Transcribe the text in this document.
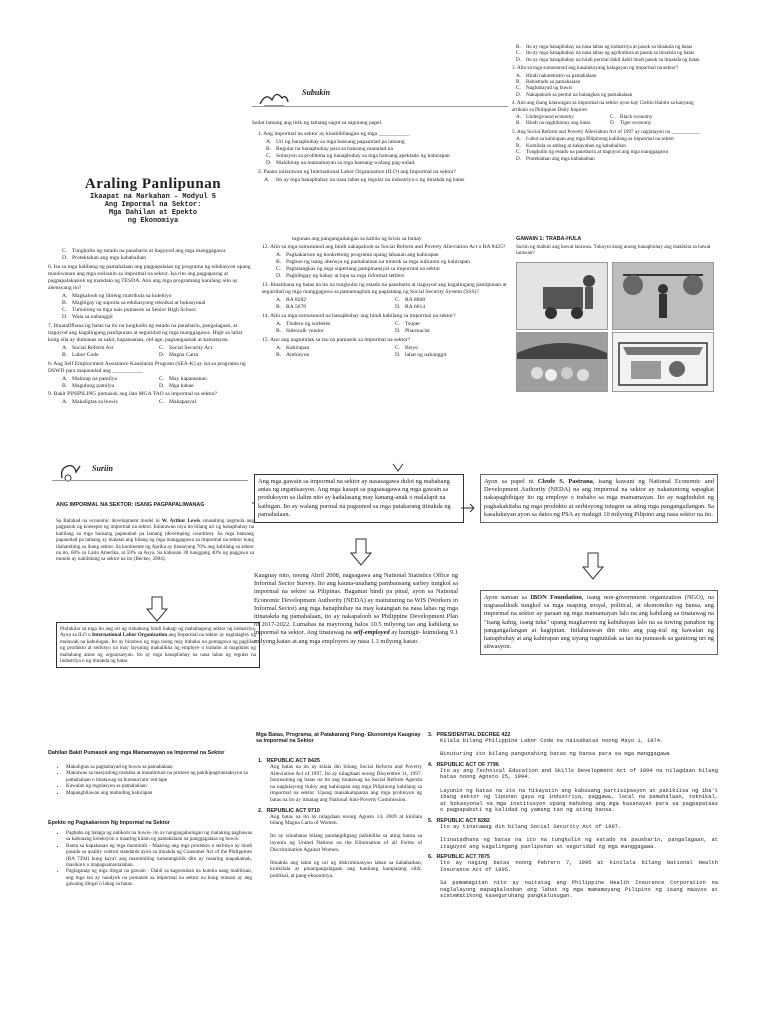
B. Ito ay mga hanapbuhay na nasa labas ng industriya at pasok sa itinakda ng batas
C. Ito ay mga hanapbuhay na nasa labas ng agrikultura at pasok sa itinakda ng batas
D. Ito ay mga hanapbuhay na hindi pormal dahil dahil hindi pasok sa itinakda ng batas
3. Alin sa mga sumusunod ang kasalukuyang kalagayan ng impormal na sektor?
A. Hindi nakarehistro sa pamahalaan
B. Rehistrado sa pamahalaan
C. Nagbabayad ng buwis
D. Nakapaloob sa permit na balangkas ng pamahalaan
4. Ano ang ibang katawagan sa impormal na sektor ayon kay Cielito Habito sa kanyang artikulo sa Philippine Daily Inquirer
A. Underground economy	C. Black economy
B. Hindi na naghihintay ang batas	D. Tiger economy
5. Ang Social Reform and Poverty Alleviation Act of 1997 ay naglalayon na ___________
A. I-abot sa kahirapan ang mga Pilipinong kabilang sa impormal na sektor
B. Kumilala sa ambag at kakayahan ng kababaihan
C. Tungkulin ng estado na pausbarin at itaguyod ang mga manggagawa
D. Protektahan ang mga kababaihan
Subukin
Isulat lamang ang titik ng tamang sagot sa sagutang papel.
1. Ang impormal na sektor ay kinabibilangan ng mga ___________
A. Uri ng hanapbuhay sa mga bansang papaunlad pa lamang
B. Regular na hanapbuhay para sa bansang maunlad na
C. Solusyon sa problema ng hanapbuhay sa mga bansang apektado ng kahirapan
D. Mahihirap na mamamayan sa mga bansang walang pag-unlad.
2. Paano inilarawan ng International Labor Organization (ILO) ang Impormal na sektor?
A. Ito ay mga hanapbuhay na nasa labas ng regular na industriya o ng itinakda ng batas
Araling Panlipunan
Ikaapat na Markahan – Modyul 5
Ang Impormal na Sektor:
Mga Dahilan at Epekto
ng Ekonomiya
C. Tungkulin ng estado na pausbarin at itaguyod ang mga manggagawa
D. Protektahan ang mga kababaihan
6. Isa sa mga halibang ng pamahalaan ang pagpapalalao ng programa ng edukasyon upang mauliwanan ang mga suliranin sa impormal na sektor. Isa rito ang pagpaparag at pagpapalakasiok ng mandato ng TESDA. Ano ang mga programang kanilang nito ay ahensyang ito?
A. Magkaloob ng libreng matrikula sa kolehiyo
B. Magbigay ng suporta sa edukasyong teknikal at bokasyunal
C. Tumulong sa mga nais pumasok sa Senior High School
D. Wala sa nabanggit
7. Itinataflfhana ng batas na ito na tungkulin ng estado na pausbarin, pangalagaan, at itaguyod ang kagalingang panlipunan at seguridad ng mga manggagawa. Higit sa lahat kung sila ay dumanas sa sakit, kapansanan, old age, pagsangaanak at kamatayan.
A. Social Reform Act	C. Social Security Act
B. Labor Code	D. Magna Carta
8. Ang Self Employment Assistance Kaunlaran Program (SEA-K) ay isa sa programa ng DSWD para mapaunlad ang ___________
A. Mahirap na pamilya	C. May kapansanan
B. Magulong pamilya	D. Mga babae
9. Bakit PINIPILING pumasok ang ilan MGA TAO sa impormal na sektor?
A. Makaligtas sa buwis	C. Makapasyal
tugunan ang pangangailangan sa kabila ng krisis sa buhay
12. Alin sa mga sumusunod ang hindi nakapaloob sa Social Reform and Poverty Alleviation Act o RA 8425?
A. Pagkakaroon ng konkretong programa upang labanan ang kahirapan
B. Pagbuo ng isang ahensya ng pamahalaan na tututok sa mga suliranin ng kahirapan
C. Pagtalangkas ng mga supertang pampinansyal sa impormal na sektor
D. Pagbibigay ng bahay at lupa sa mga informal settlers
13. Itinatihana ng batas na ito na tungkulin ng estado na pausbarin at itaguyod ang kagalingang panlipunan at seguridad ng mga manggagawa sa pamamagitan ng pagtatatag ng Social Security System (SSS)?
A. RA 8282	C. RA 8868
B. RA 5678	D. RA 6614
14. Alin sa mga sumusunod na hanapbuhay ang hindi kabilang sa impormal na sektor?
A. Tindero ng sorbetes	C. Tsuper
B. Sidewalk vendor	D. Pharmacist
15. Ano ang nagtutulak sa tao na pumasok sa impormal na sektor?
A. Kahirapan	C. Bisyo
B. Ambisyon	D. lahat ng nabanggit
GAWAIN 1: TRABA-HULA
Suriin ng mabuti ang bawat larawan. Tukuyin kung anong hanapbuhay ang makikita sa bawat larawan?
Suriin
ANG IMPORMAL NA SEKTOR: ISANG PAGPAPALIWANAG
Sa Balahad na economic development model ni W. Arthur Lewis sinasabing nagmula ang pagpasok ng konsepto ng impormal na sektor. Inilarawan niya ito bilang uri ng hanapbuhay na kabilang sa mga bansang papaunlad pa lamang (developing countries). Sa mga bansang papaunlad pa lamang ay matatas ang bilang ng mga manggagawa sa impormal na sektor kung ihahambing sa ibang sektor. Sa kontinente ng Aprika ay tinatayang 70% ang kabilang sa sektor na ito, 60% sa Latin Amerika, at 59% sa Asya. Sa kabuuan 30 hanggang 40% ng paggawa sa mundo ay nabibilang sa sektor na ito (Becker, 2004).
Pinfakilar sa mga ito ang uri ng trabahong hindi bahagi ng mababagong sektor ng industriya. Ayon sa ILO o International Labor Organization ang Impormal na sektor ay nagtatagley ng malawak na kahulugan. Ito ay binubuo ng mga taong may trabaho na gumagawa ng paglilao ng produkto at serbisyo na may layuning makalikha ng employe o trabaho at magdulot ng mababang antas ng organisasyon. Ito ay mga hanapbuhay na nasa labas ng regular na industriya o ng itinakda ng batas
Ang mga gawain sa impormal na sektor ay nasasagawa dulot ng mababang antas ng organisasyon. Ang mga kasapi sa pagsasagawa ng mga gawain sa produksyon sa ilalim nito ay kadalasang may kanang-anak o malalapit na kaibigan. Ito ay walang pormal na pagsunod sa mga patakarang itinakda ng pamahalaan.
Kaugnay nito, noong Abril 2008, nagsagawa ang National Statistics Office ng Informal Sector Survey. Ito ang kauna-unahang pambansang sarbey tungkol sa impormal na sektor sa Pilipinas. Bagamat hindi pa pinal, ayon sa National Economic Development Authority (NEDA) ay maituturing na WIS (Workers in Informal Sector) ang mga hanapbuhay na may katangian na nasa labas ng mga itinatakda ng pamahalaan, ito ay nakapaloob sa Philippine Development Plan of 2017-2022. Lumabas na mayroong halos 10.5 milyong tao ang kabilang sa impormal na sektor. Ang tinatawag na self-employed ay humigit- kumulang 9.1 milyong katao at ang mga employers ay nasa 1.3 milyong katao.
Ayon sa papel ni Cleofe S. Pastrana, isang kawani ng National Economic and Development Authority (NEDA) na ang impormal na sektor ay nakatuntong sapagkat nakapagbibigay ito ng employe o trabaho sa mga mamamayan. Ito ay nagdudulot ng pagkakakitaha ng mga produkto at serbisyong tutugon sa ating mga pangangailangan. Sa kasalukuyan ayon sa datos ng PSA ay mahigit 10 milyong Pilipino ang nasa sektor na ito.
Ayon naman sa IBON Foundation, isang non-government organization (NGO), na nagsasaliksik tungkol sa mga usaping sosyal, political, at ekonomiko ng bansa, ang impormal na sektor ay paraan ng mga mamamayan lalo na ang kabilang sa tinatawag na "isang kahig, isang tuka" upang magkaroon ng kabuhayan lalo na sa tuwing panahon ng pangangailangan at kagipitan. Inilalarawan din nito ang pag-iral ng kawalan ng hanapbuhay at ang kahirapan ang siyang nagtutulak sa tao na pumasok sa ganitong uri ng sitwasyon.
Dahilan Bakit Pumasok ang mga Mamamayan sa Impormal na Sektor
• Makaligtas sa pagbabayad ng buwis sa pamahalaan
• Makaiwas sa masyadong mahaba at masalimuot na proseso ng pakikipagtransaksyon sa pamahalaan o tinatawag na bureaucratic red tape
• Kawalan ng regulasyon sa pamahalaan
• Mapanghilawan ang matinding kahirapan
Epekto ng Pagkakaroon Ng Impormal na Sektor
• Pagbaba ng halaga ng nalikom na buwis- ito ay nangangahulugan ng malaking pagbawas sa kabuuang koleksyon o maaring kitain ng pamahalaan na panggagalasa ng buwis.
• Banta sa kapakanan ng mga mamimili - Maaring ang mga produkto o serbisyo ay hindi pasado sa quality control standards ayon sa itinakda ng Consumer Act of the Philippines (RA 7394) kung kaya't ang mamimiling tumatangkilik dito ay maaring mapahamak, masikuro o mapagsamantalahan.
• Paglaganap ng mga illegal na gawain - Dahil sa kagustuhan na kumita nang mabilisan, ang mga tao ay naudyok na pumasok sa impormal na sektor na kung minsan ay ang gawaing illegal o labag sa batas.
Mga Batas, Programa, at Patakarang Pang- Ekonomiya Kaugnay sa Impormal na Sektor
1. REPUBLIC ACT 8425
Ang batas na ito ay kilala din bilang Social Reform and Poverty Alleviation Act of 1997. Ito ay nilagdaan noong Disyembre 11, 1997. Isinusulong ng batas na ito ang tinatawag na Social Reform Agenda na naglalayong ituloy ang kahirapan ang mga Pilipinong kabilang sa impormal na sektor. Upang maisakatuparan ang mga probisyon ng batas na ito ay itinatag ang National Anti-Poverty Commission.
2. REPUBLIC ACT 9710
Ang batas na ito ay nilagdaan noong Agosto 14, 2009 at kinilala bilang Magna Carta of Women.

Ito ay isinabatas bilang pandaigdigang pahikdiha sa ating bansa sa layunin ng United Nations on the Elimination of all Forms of Discrimination Against Women.

Itinakda ang lahat ng uri ng diskriminasyon laban sa kababaihan, kinikilala at pinangangalagaan ang kanilang karapatang sibil, politikal, at pang-ekonomiya.
3. PRESIDENTIAL DECREE 422
Kilala bilang Philippine Labor Code na naisabatas noong Mayo 1, 1974.

Binuturing ito bilang pangunahing batas ng bansa para sa mga manggagawa
4. REPUBLIC ACT OF 7796
Ito ay ang Technical Education and Skills Development Act of 1994 na nilagdaan bilang batas noong Agosto 25, 1994.

Layunin ng batas na ito na hikayatin ang kabuuang partisipasyon at pakikiisa ng iba't ibang sektor ng lipunan gaya ng industriya, paggawa, local na pamahalaan, teknikal, at bokasyonal na mga institusyon upang mahubog ang mga kasanayan para sa pagpapataas o pagpapabuti ng kalidad ng yamang tao ng ating bansa.
5. REPUBLIC ACT 8282
Ito ay tinatawag din bilang Social Security Act of 1997.

Itinatadhana ng batas na ito na tungkulin ng estado na pausbarin, pangalagaan, at itaguyod ang kagalingang panlipunan at seguridad ng mga manggagawa.
6. REPUBLIC ACT 7875
Ito ay naging batas noong Pebrero 7, 1995 at kinilala bilang National Health Insurance Act of 1995.

Sa pamamagitan nito ay naitatag ang Philippine Health Insurance Corporation na naglalayong mapagkalooban ang lahat ng mga mamamayang Pilipino ng isang maayos at sistematikong kaseguruhang pangkalusugan.
